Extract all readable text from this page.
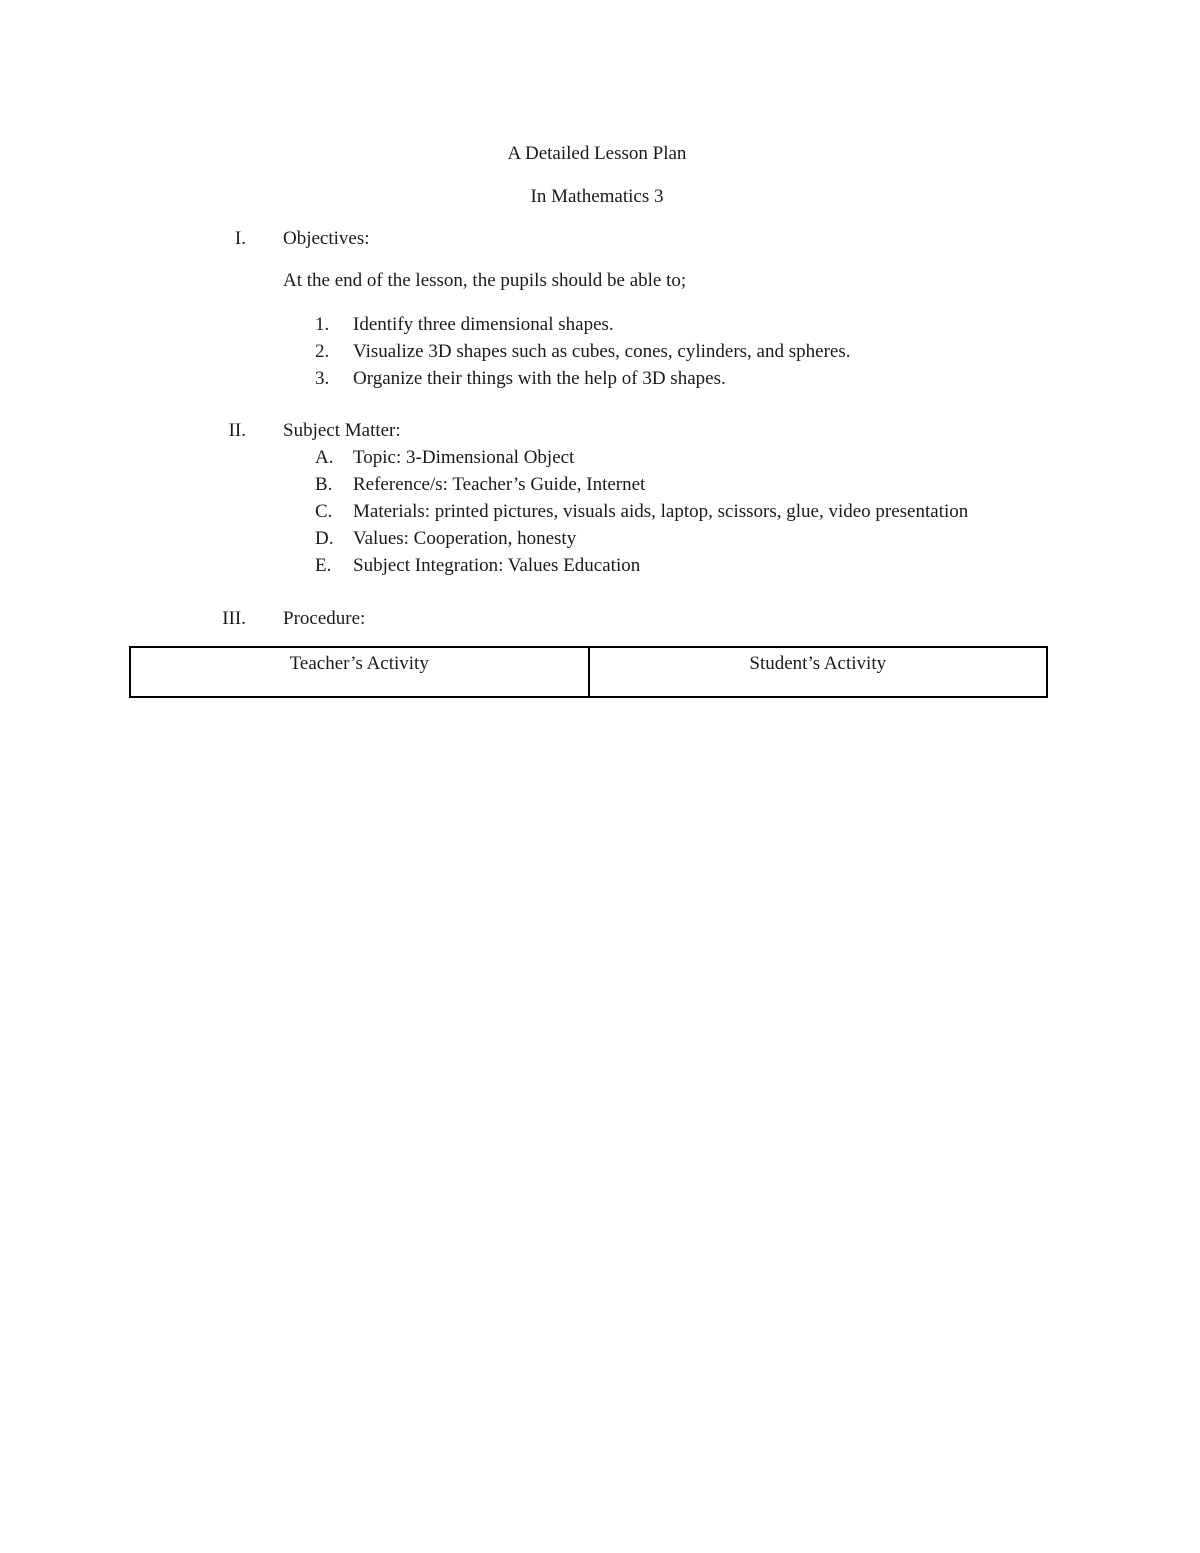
A Detailed Lesson Plan
In Mathematics 3
I. Objectives:
At the end of the lesson, the pupils should be able to;
1. Identify three dimensional shapes.
2. Visualize 3D shapes such as cubes, cones, cylinders, and spheres.
3. Organize their things with the help of 3D shapes.
II. Subject Matter:
A. Topic: 3-Dimensional Object
B. Reference/s: Teacher’s Guide, Internet
C. Materials: printed pictures, visuals aids, laptop, scissors, glue, video presentation
D. Values: Cooperation, honesty
E. Subject Integration: Values Education
III. Procedure:
Teacher’s Activity	Student’s Activity
